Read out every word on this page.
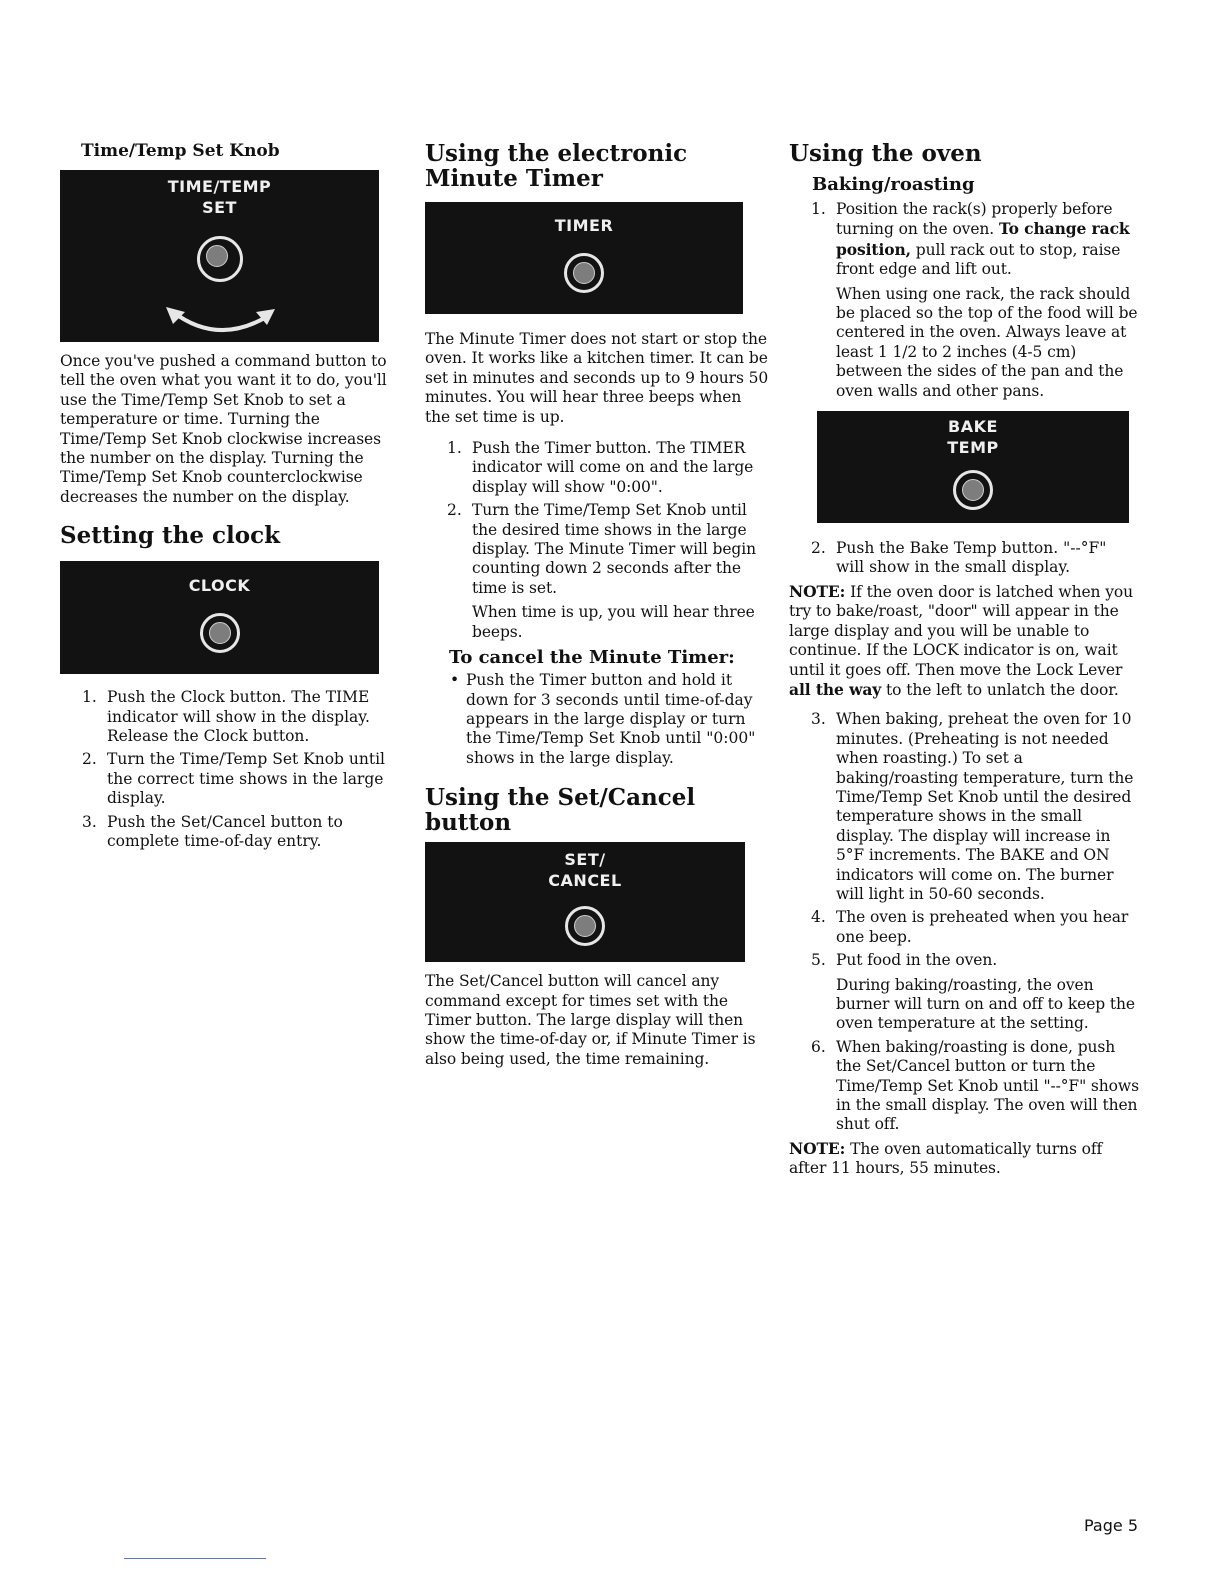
Time/Temp Set Knob
TIME/TEMP
SET

Once you've pushed a command button to tell the oven what you want it to do, you'll use the Time/Temp Set Knob to set a temperature or time. Turning the Time/Temp Set Knob clockwise increases the number on the display. Turning the Time/Temp Set Knob counterclockwise decreases the number on the display.

Setting the clock
CLOCK
1. Push the Clock button. The TIME indicator will show in the display. Release the Clock button.
2. Turn the Time/Temp Set Knob until the correct time shows in the large display.
3. Push the Set/Cancel button to complete time-of-day entry.
Using the electronic Minute Timer
TIMER

The Minute Timer does not start or stop the oven. It works like a kitchen timer. It can be set in minutes and seconds up to 9 hours 50 minutes. You will hear three beeps when the set time is up.

1. Push the Timer button. The TIMER indicator will come on and the large display will show "0:00".

2. Turn the Time/Temp Set Knob until the desired time shows in the large display. The Minute Timer will begin counting down 2 seconds after the time is set.

When time is up, you will hear three beeps.

To cancel the Minute Timer:
• Push the Timer button and hold it down for 3 seconds until time-of-day appears in the large display or turn the Time/Temp Set Knob until "0:00" shows in the large display.
Using the Set/Cancel button
SET/
CANCEL

The Set/Cancel button will cancel any command except for times set with the Timer button. The large display will then show the time-of-day or, if Minute Timer is also being used, the time remaining.

Using the oven
Baking/roasting
1. Position the rack(s) properly before turning on the oven. To change rack position, pull rack out to stop, raise front edge and lift out.

When using one rack, the rack should be placed so the top of the food will be centered in the oven. Always leave at least 1 1/2 to 2 inches (4-5 cm) between the sides of the pan and the oven walls and other pans.

BAKE
TEMP
2. Push the Bake Temp button. "--°F" will show in the small display.

NOTE: If the oven door is latched when you try to bake/roast, "door" will appear in the large display and you will be unable to continue. If the LOCK indicator is on, wait until it goes off. Then move the Lock Lever all the way to the left to unlatch the door.

3. When baking, preheat the oven for 10 minutes. (Preheating is not needed when roasting.) To set a baking/roasting temperature, turn the Time/Temp Set Knob until the desired temperature shows in the small display. The display will increase in 5°F increments. The BAKE and ON indicators will come on. The burner will light in 50-60 seconds.

4. The oven is preheated when you hear one beep.

5. Put food in the oven.

During baking/roasting, the oven burner will turn on and off to keep the oven temperature at the setting.

6. When baking/roasting is done, push the Set/Cancel button or turn the Time/Temp Set Knob until "--°F" shows in the small display. The oven will then shut off.

NOTE: The oven automatically turns off after 11 hours, 55 minutes.

Page 5
